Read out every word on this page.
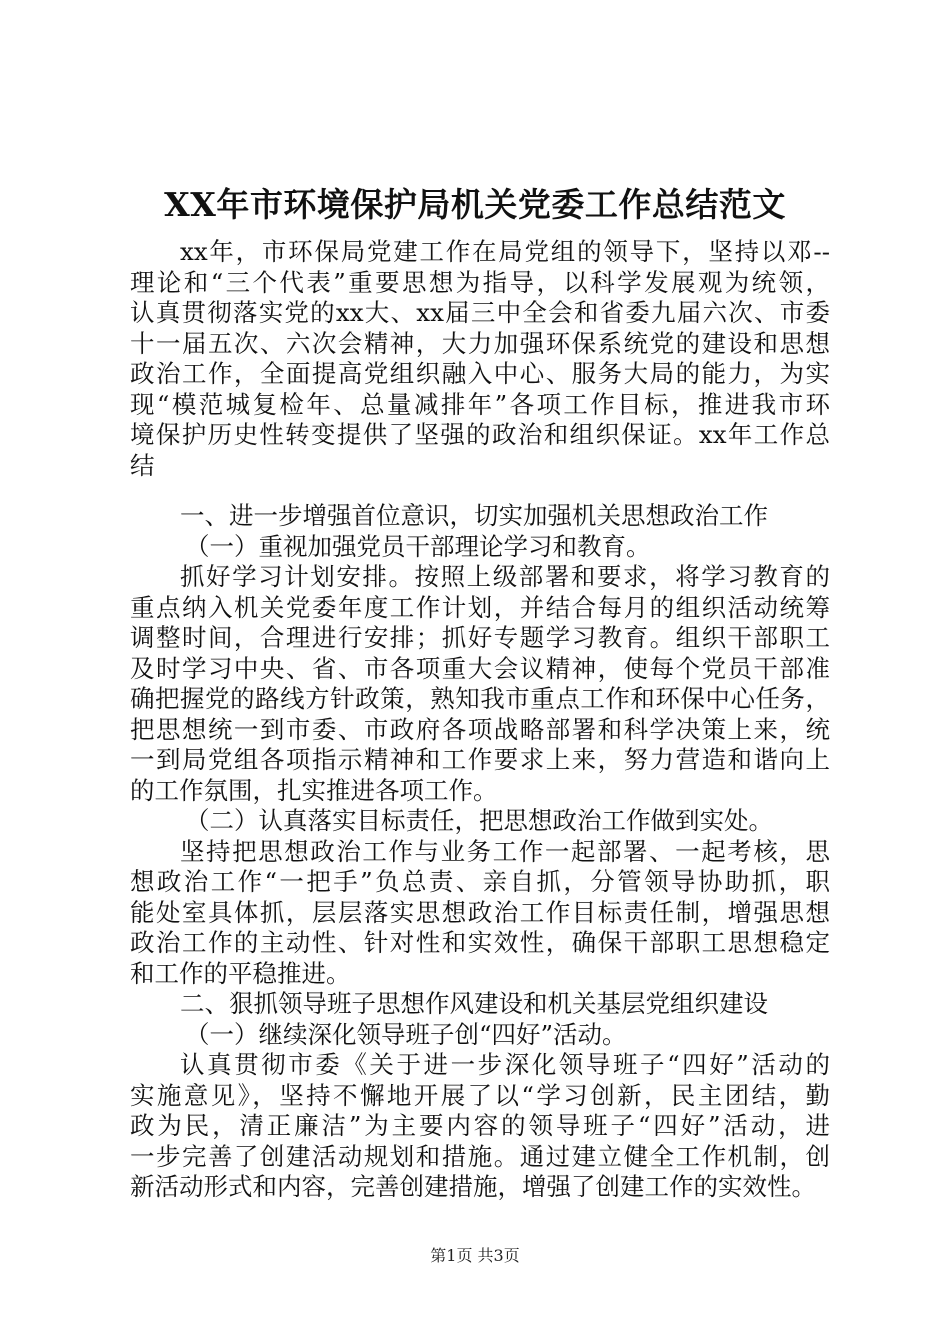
XX年市环境保护局机关党委工作总结范文
xx年，市环保局党建工作在局党组的领导下，坚持以邓--
理论和“三个代表”重要思想为指导，以科学发展观为统领，
认真贯彻落实党的xx大、xx届三中全会和省委九届六次、市委
十一届五次、六次会精神，大力加强环保系统党的建设和思想
政治工作，全面提高党组织融入中心、服务大局的能力，为实
现“模范城复检年、总量减排年”各项工作目标，推进我市环
境保护历史性转变提供了坚强的政治和组织保证。xx年工作总
结
一、进一步增强首位意识，切实加强机关思想政治工作
（一）重视加强党员干部理论学习和教育。
抓好学习计划安排。按照上级部署和要求，将学习教育的
重点纳入机关党委年度工作计划，并结合每月的组织活动统筹
调整时间，合理进行安排；抓好专题学习教育。组织干部职工
及时学习中央、省、市各项重大会议精神，使每个党员干部准
确把握党的路线方针政策，熟知我市重点工作和环保中心任务，
把思想统一到市委、市政府各项战略部署和科学决策上来，统
一到局党组各项指示精神和工作要求上来，努力营造和谐向上
的工作氛围，扎实推进各项工作。
（二）认真落实目标责任，把思想政治工作做到实处。
坚持把思想政治工作与业务工作一起部署、一起考核，思
想政治工作“一把手”负总责、亲自抓，分管领导协助抓，职
能处室具体抓，层层落实思想政治工作目标责任制，增强思想
政治工作的主动性、针对性和实效性，确保干部职工思想稳定
和工作的平稳推进。
二、狠抓领导班子思想作风建设和机关基层党组织建设
（一）继续深化领导班子创“四好”活动。
认真贯彻市委《关于进一步深化领导班子“四好”活动的
实施意见》，坚持不懈地开展了以“学习创新，民主团结，勤
政为民，清正廉洁”为主要内容的领导班子“四好”活动，进
一步完善了创建活动规划和措施。通过建立健全工作机制，创
新活动形式和内容，完善创建措施，增强了创建工作的实效性。
第1页 共3页
